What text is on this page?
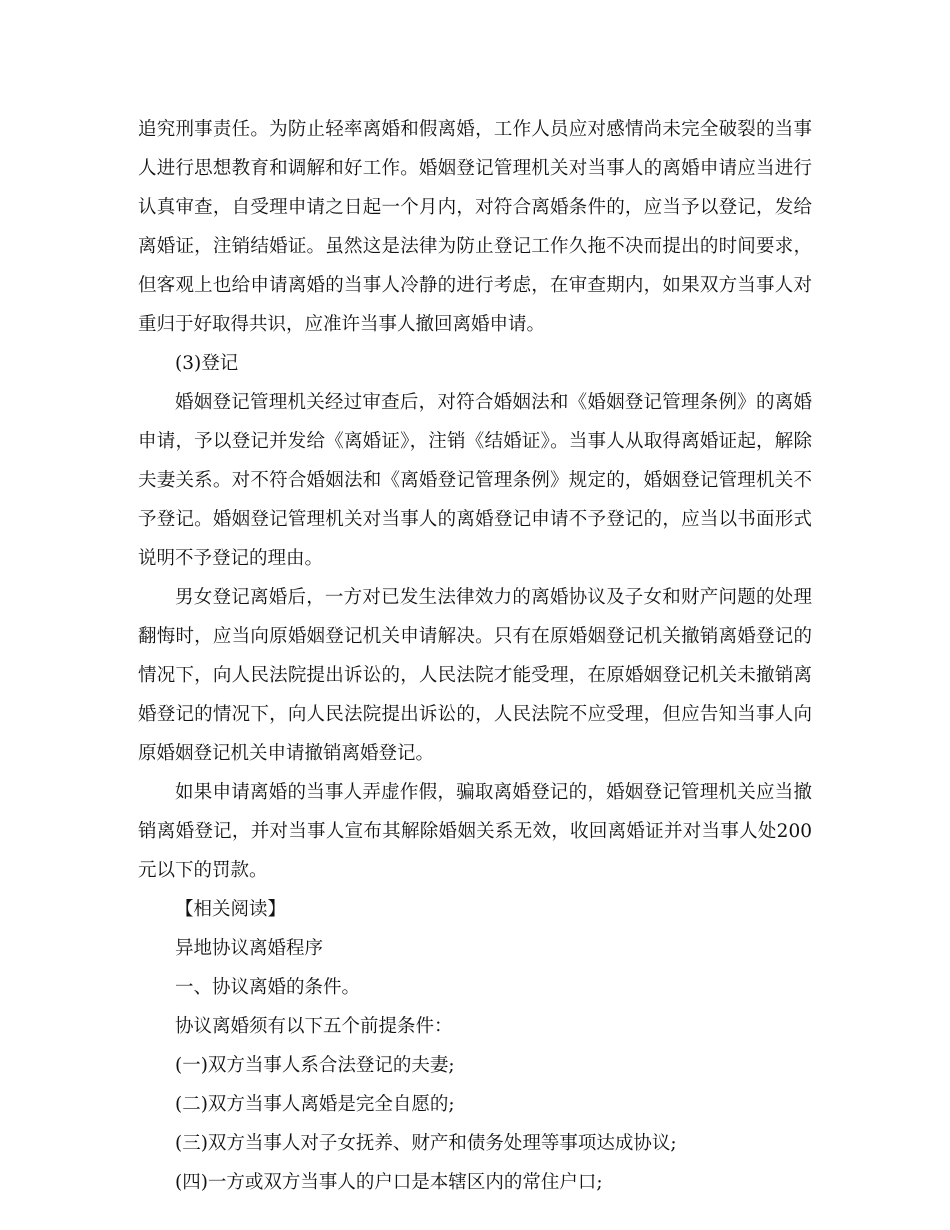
追究刑事责任。为防止轻率离婚和假离婚，工作人员应对感情尚未完全破裂的当事人进行思想教育和调解和好工作。婚姻登记管理机关对当事人的离婚申请应当进行认真审查，自受理申请之日起一个月内，对符合离婚条件的，应当予以登记，发给离婚证，注销结婚证。虽然这是法律为防止登记工作久拖不决而提出的时间要求，但客观上也给申请离婚的当事人冷静的进行考虑，在审查期内，如果双方当事人对重归于好取得共识，应准许当事人撤回离婚申请。

(3)登记

婚姻登记管理机关经过审查后，对符合婚姻法和《婚姻登记管理条例》的离婚申请，予以登记并发给《离婚证》，注销《结婚证》。当事人从取得离婚证起，解除夫妻关系。对不符合婚姻法和《离婚登记管理条例》规定的，婚姻登记管理机关不予登记。婚姻登记管理机关对当事人的离婚登记申请不予登记的，应当以书面形式说明不予登记的理由。

男女登记离婚后，一方对已发生法律效力的离婚协议及子女和财产问题的处理翻悔时，应当向原婚姻登记机关申请解决。只有在原婚姻登记机关撤销离婚登记的情况下，向人民法院提出诉讼的，人民法院才能受理，在原婚姻登记机关未撤销离婚登记的情况下，向人民法院提出诉讼的，人民法院不应受理，但应告知当事人向原婚姻登记机关申请撤销离婚登记。

如果申请离婚的当事人弄虚作假，骗取离婚登记的，婚姻登记管理机关应当撤销离婚登记，并对当事人宣布其解除婚姻关系无效，收回离婚证并对当事人处200元以下的罚款。

【相关阅读】

异地协议离婚程序

一、协议离婚的条件。

协议离婚须有以下五个前提条件：

(一)双方当事人系合法登记的夫妻;

(二)双方当事人离婚是完全自愿的;

(三)双方当事人对子女抚养、财产和债务处理等事项达成协议;

(四)一方或双方当事人的户口是本辖区内的常住户口;
